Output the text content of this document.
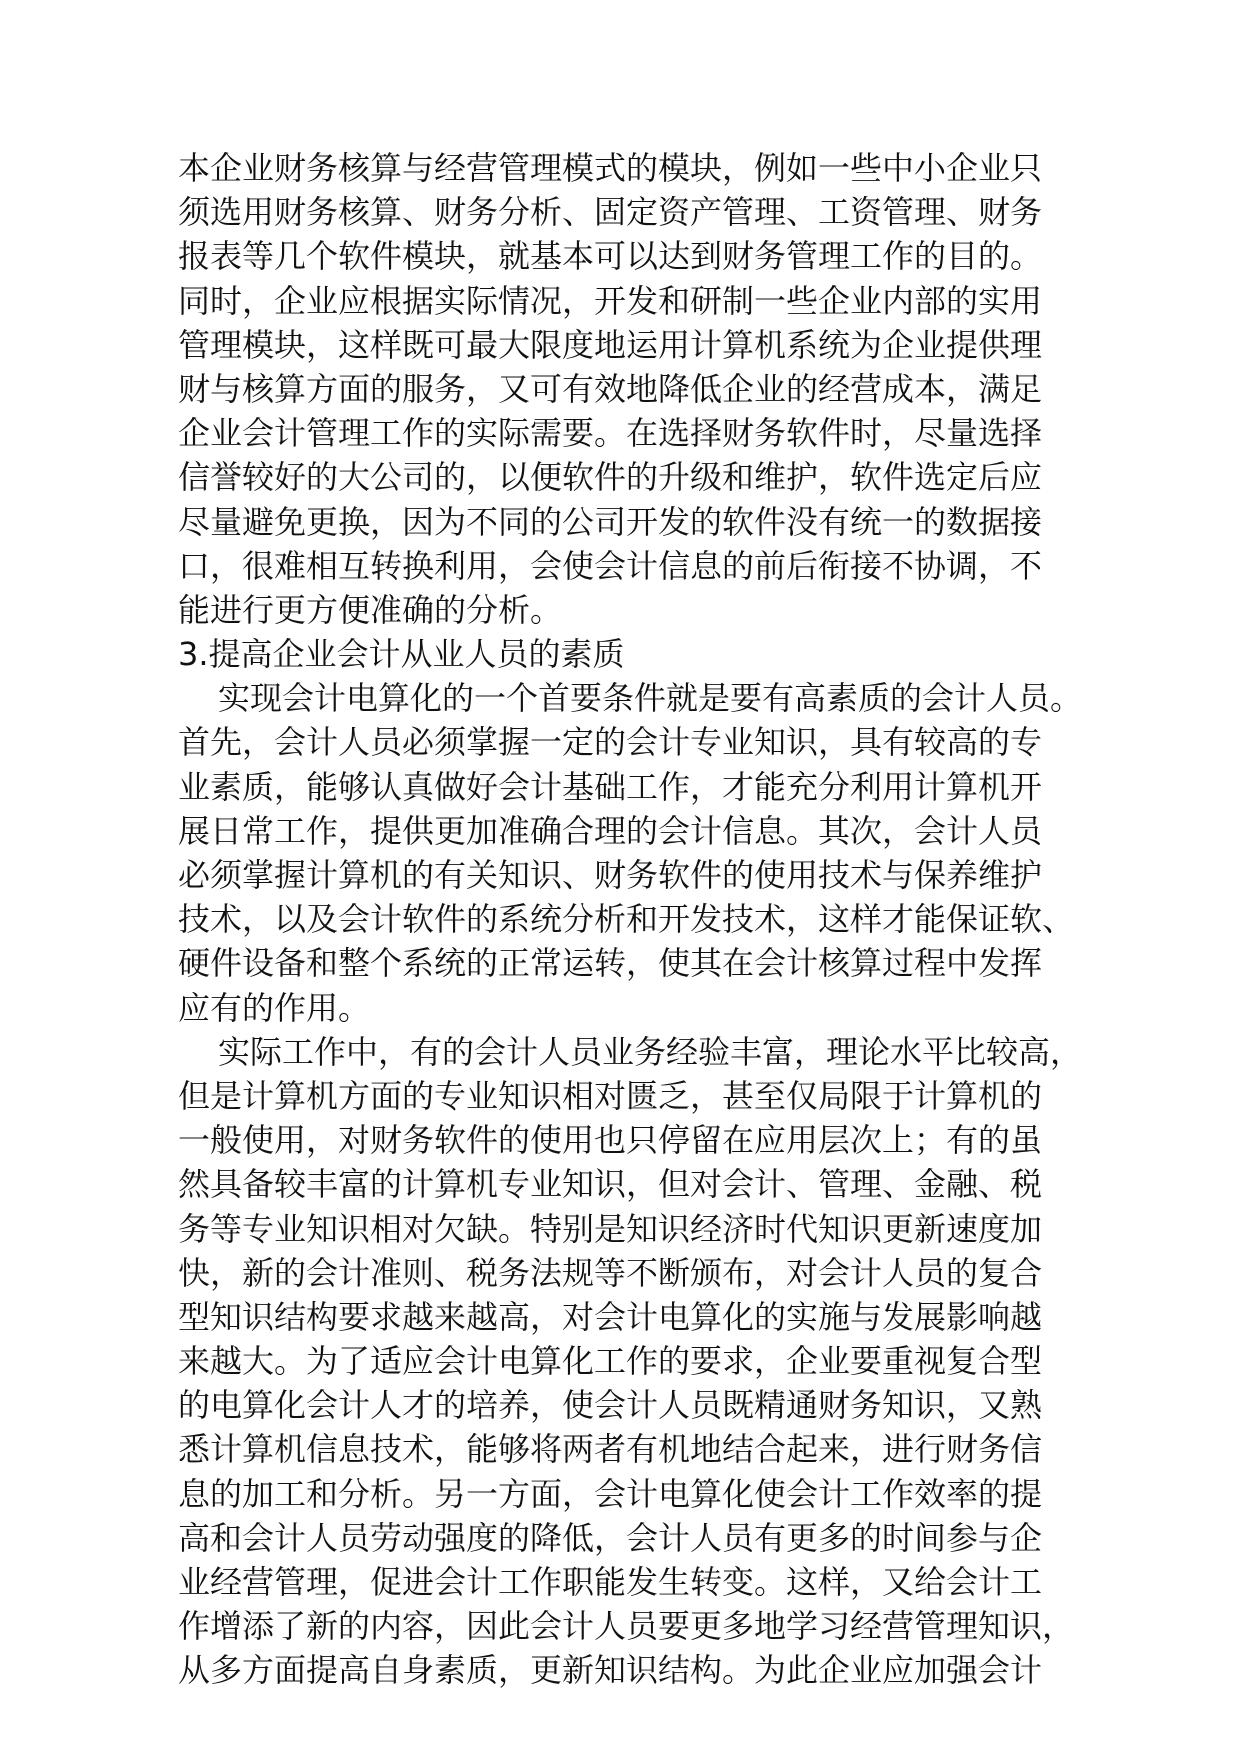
本企业财务核算与经营管理模式的模块，例如一些中小企业只
须选用财务核算、财务分析、固定资产管理、工资管理、财务
报表等几个软件模块，就基本可以达到财务管理工作的目的。
同时，企业应根据实际情况，开发和研制一些企业内部的实用
管理模块，这样既可最大限度地运用计算机系统为企业提供理
财与核算方面的服务，又可有效地降低企业的经营成本，满足
企业会计管理工作的实际需要。在选择财务软件时，尽量选择
信誉较好的大公司的，以便软件的升级和维护，软件选定后应
尽量避免更换，因为不同的公司开发的软件没有统一的数据接
口，很难相互转换利用，会使会计信息的前后衔接不协调，不
能进行更方便准确的分析。
3.提高企业会计从业人员的素质
实现会计电算化的一个首要条件就是要有高素质的会计人员。
首先，会计人员必须掌握一定的会计专业知识，具有较高的专
业素质，能够认真做好会计基础工作，才能充分利用计算机开
展日常工作，提供更加准确合理的会计信息。其次，会计人员
必须掌握计算机的有关知识、财务软件的使用技术与保养维护
技术，以及会计软件的系统分析和开发技术，这样才能保证软、
硬件设备和整个系统的正常运转，使其在会计核算过程中发挥
应有的作用。
实际工作中，有的会计人员业务经验丰富，理论水平比较高，
但是计算机方面的专业知识相对匮乏，甚至仅局限于计算机的
一般使用，对财务软件的使用也只停留在应用层次上；有的虽
然具备较丰富的计算机专业知识，但对会计、管理、金融、税
务等专业知识相对欠缺。特别是知识经济时代知识更新速度加
快，新的会计准则、税务法规等不断颁布，对会计人员的复合
型知识结构要求越来越高，对会计电算化的实施与发展影响越
来越大。为了适应会计电算化工作的要求，企业要重视复合型
的电算化会计人才的培养，使会计人员既精通财务知识，又熟
悉计算机信息技术，能够将两者有机地结合起来，进行财务信
息的加工和分析。另一方面，会计电算化使会计工作效率的提
高和会计人员劳动强度的降低，会计人员有更多的时间参与企
业经营管理，促进会计工作职能发生转变。这样，又给会计工
作增添了新的内容，因此会计人员要更多地学习经营管理知识，
从多方面提高自身素质，更新知识结构。为此企业应加强会计
